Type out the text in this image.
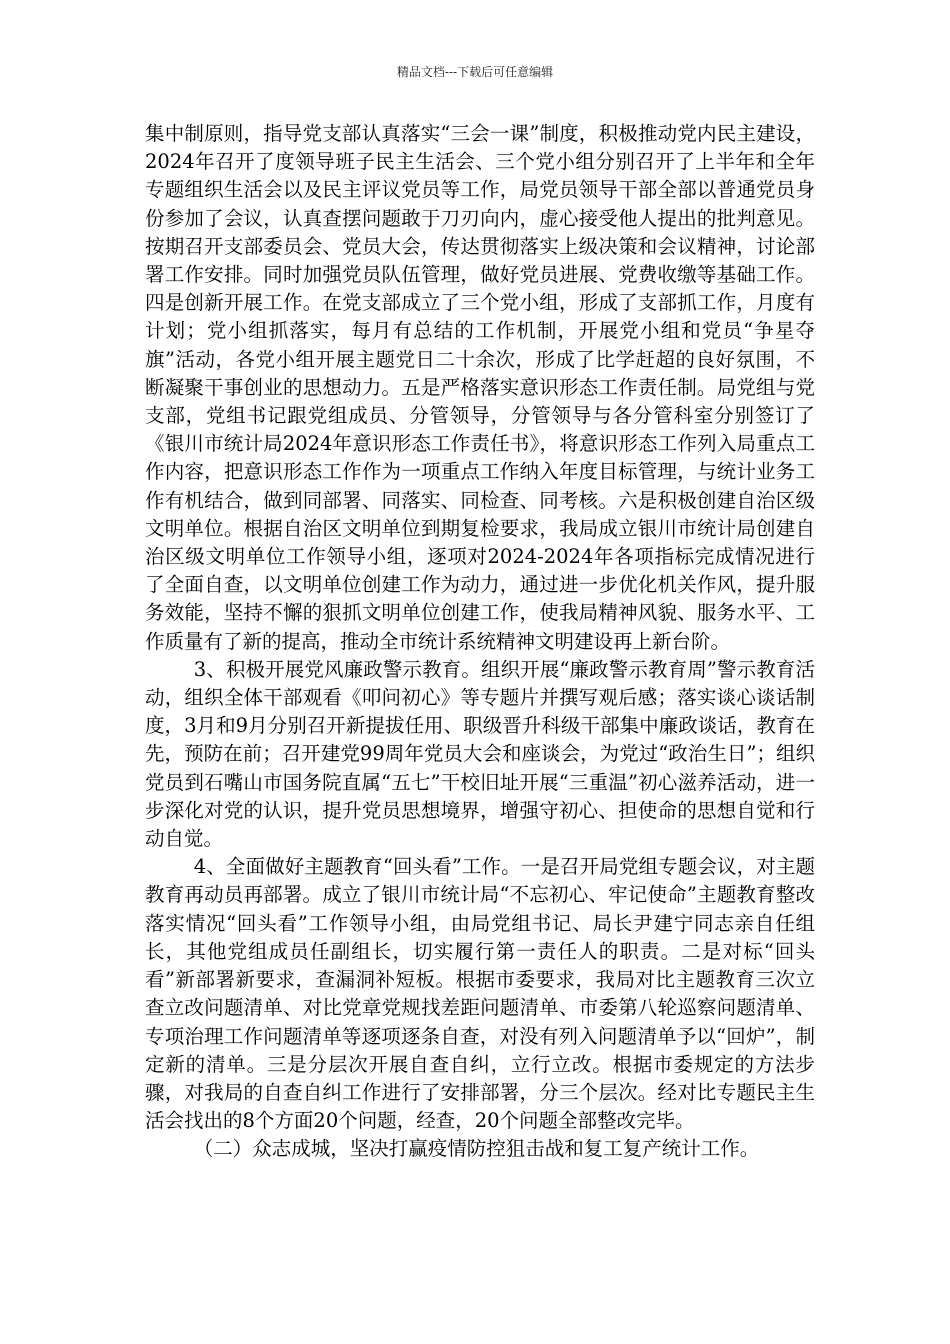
精品文档---下载后可任意编辑

集中制原则，指导党支部认真落实“三会一课”制度，积极推动党内民主建设，2024年召开了度领导班子民主生活会、三个党小组分别召开了上半年和全年专题组织生活会以及民主评议党员等工作，局党员领导干部全部以普通党员身份参加了会议，认真查摆问题敢于刀刃向内，虚心接受他人提出的批判意见。按期召开支部委员会、党员大会，传达贯彻落实上级决策和会议精神，讨论部署工作安排。同时加强党员队伍管理，做好党员进展、党费收缴等基础工作。四是创新开展工作。在党支部成立了三个党小组，形成了支部抓工作，月度有计划；党小组抓落实，每月有总结的工作机制，开展党小组和党员“争星夺旗”活动，各党小组开展主题党日二十余次，形成了比学赶超的良好氛围，不断凝聚干事创业的思想动力。五是严格落实意识形态工作责任制。局党组与党支部，党组书记跟党组成员、分管领导，分管领导与各分管科室分别签订了《银川市统计局2024年意识形态工作责任书》，将意识形态工作列入局重点工作内容，把意识形态工作作为一项重点工作纳入年度目标管理，与统计业务工作有机结合，做到同部署、同落实、同检查、同考核。六是积极创建自治区级文明单位。根据自治区文明单位到期复检要求，我局成立银川市统计局创建自治区级文明单位工作领导小组，逐项对2024-2024年各项指标完成情况进行了全面自查，以文明单位创建工作为动力，通过进一步优化机关作风，提升服务效能，坚持不懈的狠抓文明单位创建工作，使我局精神风貌、服务水平、工作质量有了新的提高，推动全市统计系统精神文明建设再上新台阶。

3、积极开展党风廉政警示教育。组织开展“廉政警示教育周”警示教育活动，组织全体干部观看《叩问初心》等专题片并撰写观后感；落实谈心谈话制度，3月和9月分别召开新提拔任用、职级晋升科级干部集中廉政谈话，教育在先，预防在前；召开建党99周年党员大会和座谈会，为党过“政治生日”；组织党员到石嘴山市国务院直属“五七”干校旧址开展“三重温”初心滋养活动，进一步深化对党的认识，提升党员思想境界，增强守初心、担使命的思想自觉和行动自觉。

4、全面做好主题教育“回头看”工作。一是召开局党组专题会议，对主题教育再动员再部署。成立了银川市统计局“不忘初心、牢记使命”主题教育整改落实情况“回头看”工作领导小组，由局党组书记、局长尹建宁同志亲自任组长，其他党组成员任副组长，切实履行第一责任人的职责。二是对标“回头看”新部署新要求，查漏洞补短板。根据市委要求，我局对比主题教育三次立查立改问题清单、对比党章党规找差距问题清单、市委第八轮巡察问题清单、专项治理工作问题清单等逐项逐条自查，对没有列入问题清单予以“回炉”，制定新的清单。三是分层次开展自查自纠，立行立改。根据市委规定的方法步骤，对我局的自查自纠工作进行了安排部署，分三个层次。经对比专题民主生活会找出的8个方面20个问题，经查，20个问题全部整改完毕。

（二）众志成城，坚决打赢疫情防控狙击战和复工复产统计工作。
